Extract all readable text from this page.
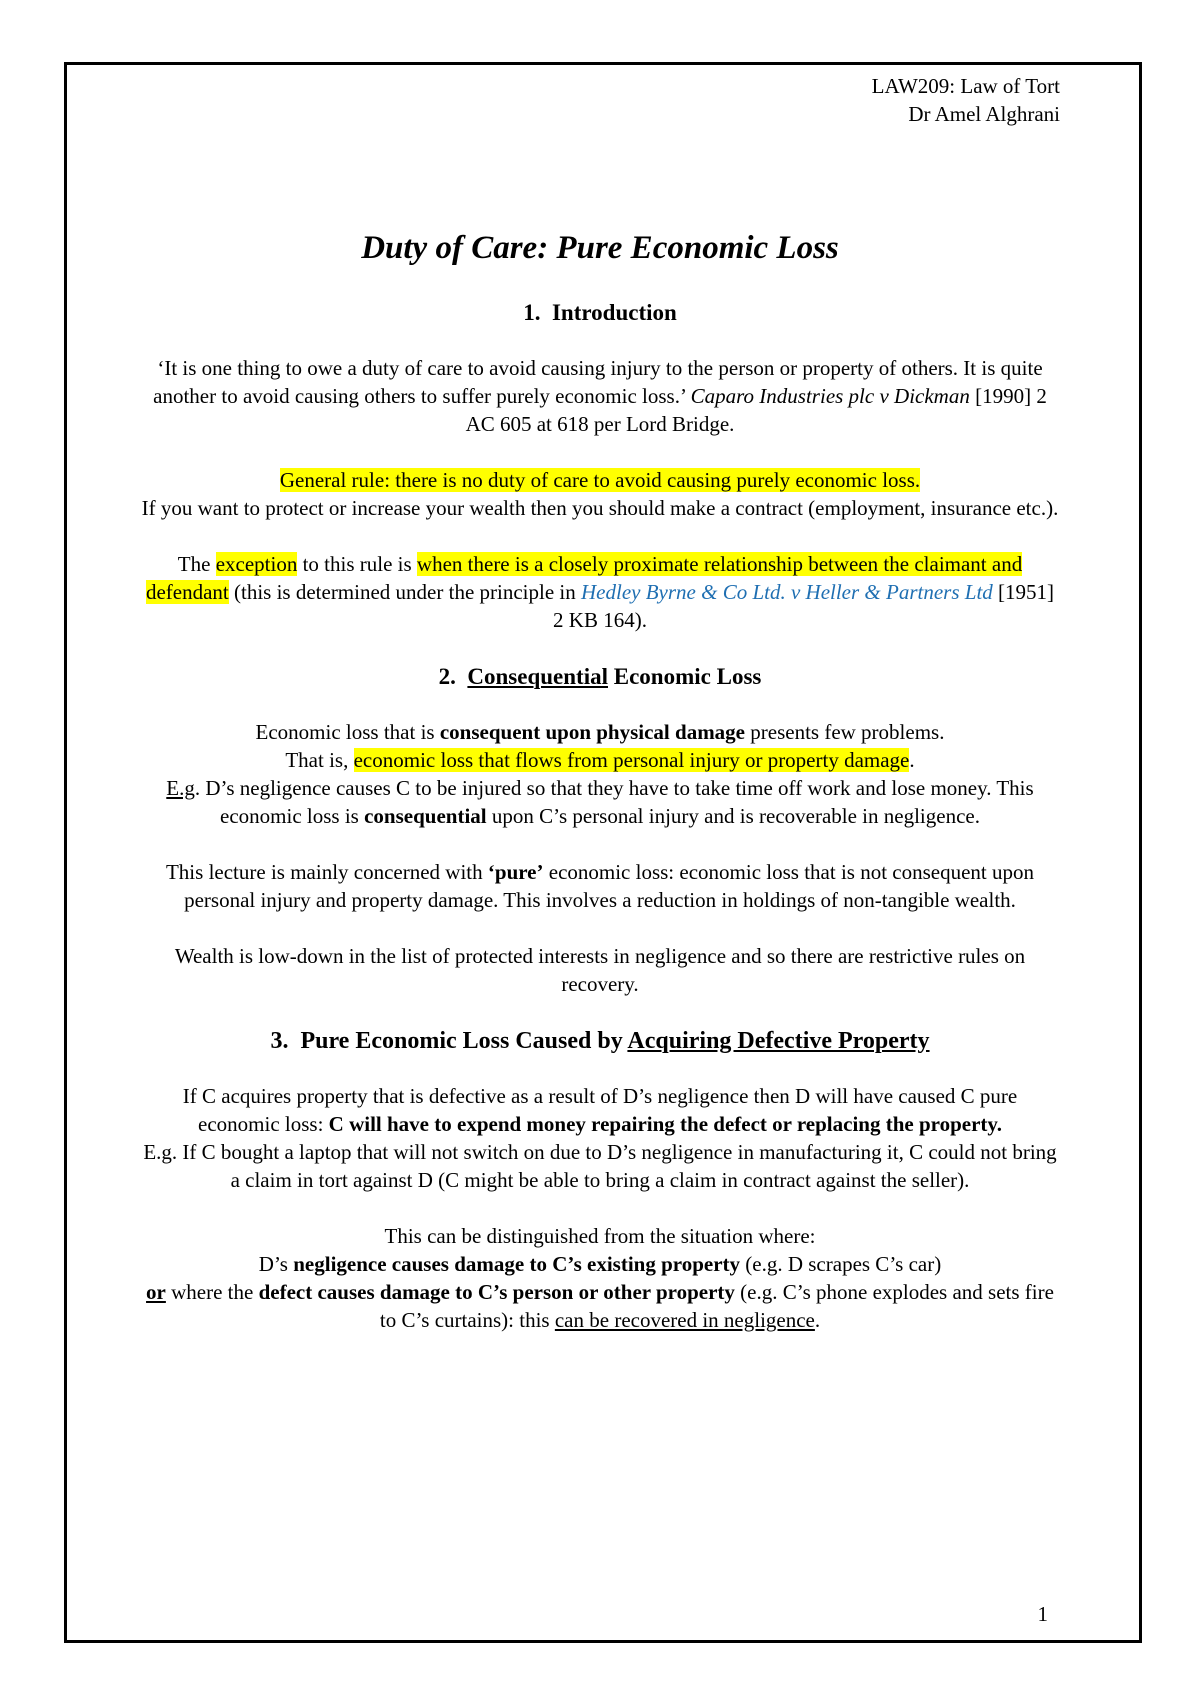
LAW209: Law of Tort
Dr Amel Alghrani
Duty of Care: Pure Economic Loss
1. Introduction

‘It is one thing to owe a duty of care to avoid causing injury to the person or property of others. It is quite another to avoid causing others to suffer purely economic loss.’ Caparo Industries plc v Dickman [1990] 2 AC 605 at 618 per Lord Bridge.

General rule: there is no duty of care to avoid causing purely economic loss.
If you want to protect or increase your wealth then you should make a contract (employment, insurance etc.).

The exception to this rule is when there is a closely proximate relationship between the claimant and defendant (this is determined under the principle in Hedley Byrne & Co Ltd. v Heller & Partners Ltd [1951] 2 KB 164).

2. Consequential Economic Loss

Economic loss that is consequent upon physical damage presents few problems.
That is, economic loss that flows from personal injury or property damage.
E.g. D’s negligence causes C to be injured so that they have to take time off work and lose money. This economic loss is consequential upon C’s personal injury and is recoverable in negligence.

This lecture is mainly concerned with ‘pure’ economic loss: economic loss that is not consequent upon personal injury and property damage. This involves a reduction in holdings of non-tangible wealth.

Wealth is low-down in the list of protected interests in negligence and so there are restrictive rules on recovery.

3. Pure Economic Loss Caused by Acquiring Defective Property

If C acquires property that is defective as a result of D’s negligence then D will have caused C pure economic loss: C will have to expend money repairing the defect or replacing the property.
E.g. If C bought a laptop that will not switch on due to D’s negligence in manufacturing it, C could not bring a claim in tort against D (C might be able to bring a claim in contract against the seller).

This can be distinguished from the situation where:
D’s negligence causes damage to C’s existing property (e.g. D scrapes C’s car)
or where the defect causes damage to C’s person or other property (e.g. C’s phone explodes and sets fire to C’s curtains): this can be recovered in negligence.

1
